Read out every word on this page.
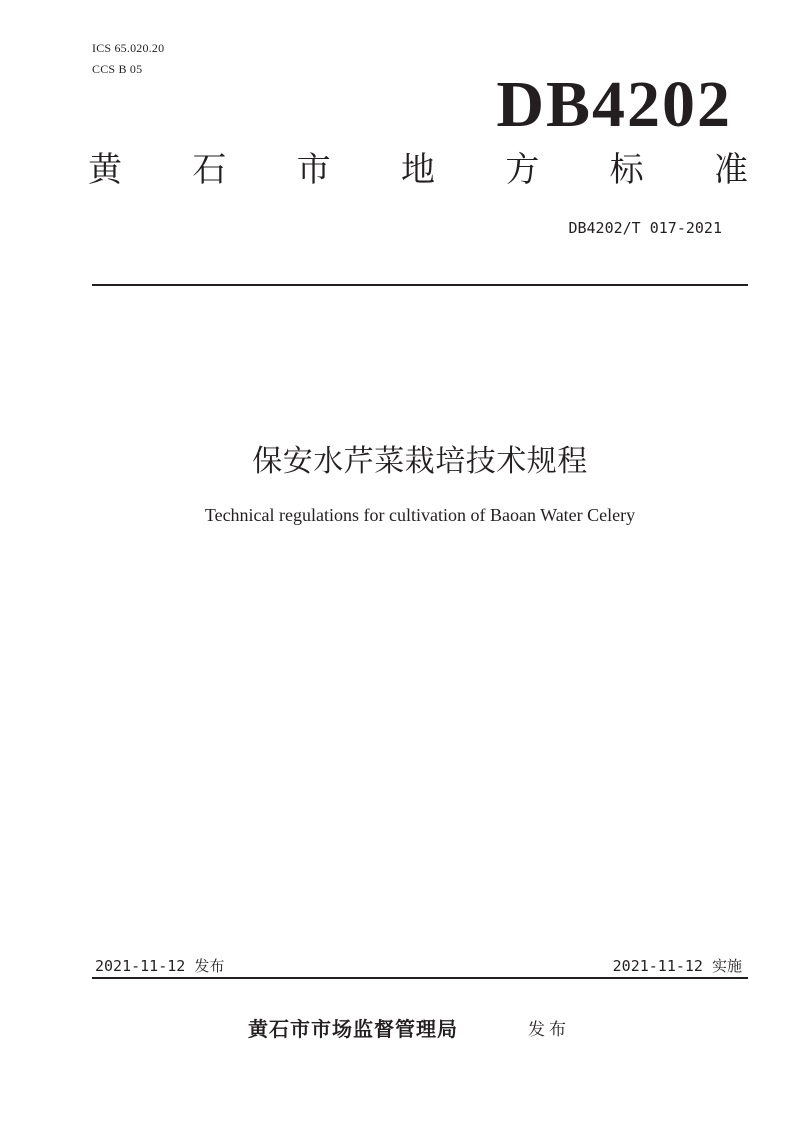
ICS 65.020.20
CCS B 05	DB4202
黄 石 市 地 方 标 准
DB4202/T 017-2021
保安水芹菜栽培技术规程
Technical regulations for cultivation of Baoan Water Celery
2021-11-12 发布	2021-11-12 实施
黄石市市场监督管理局	发布
